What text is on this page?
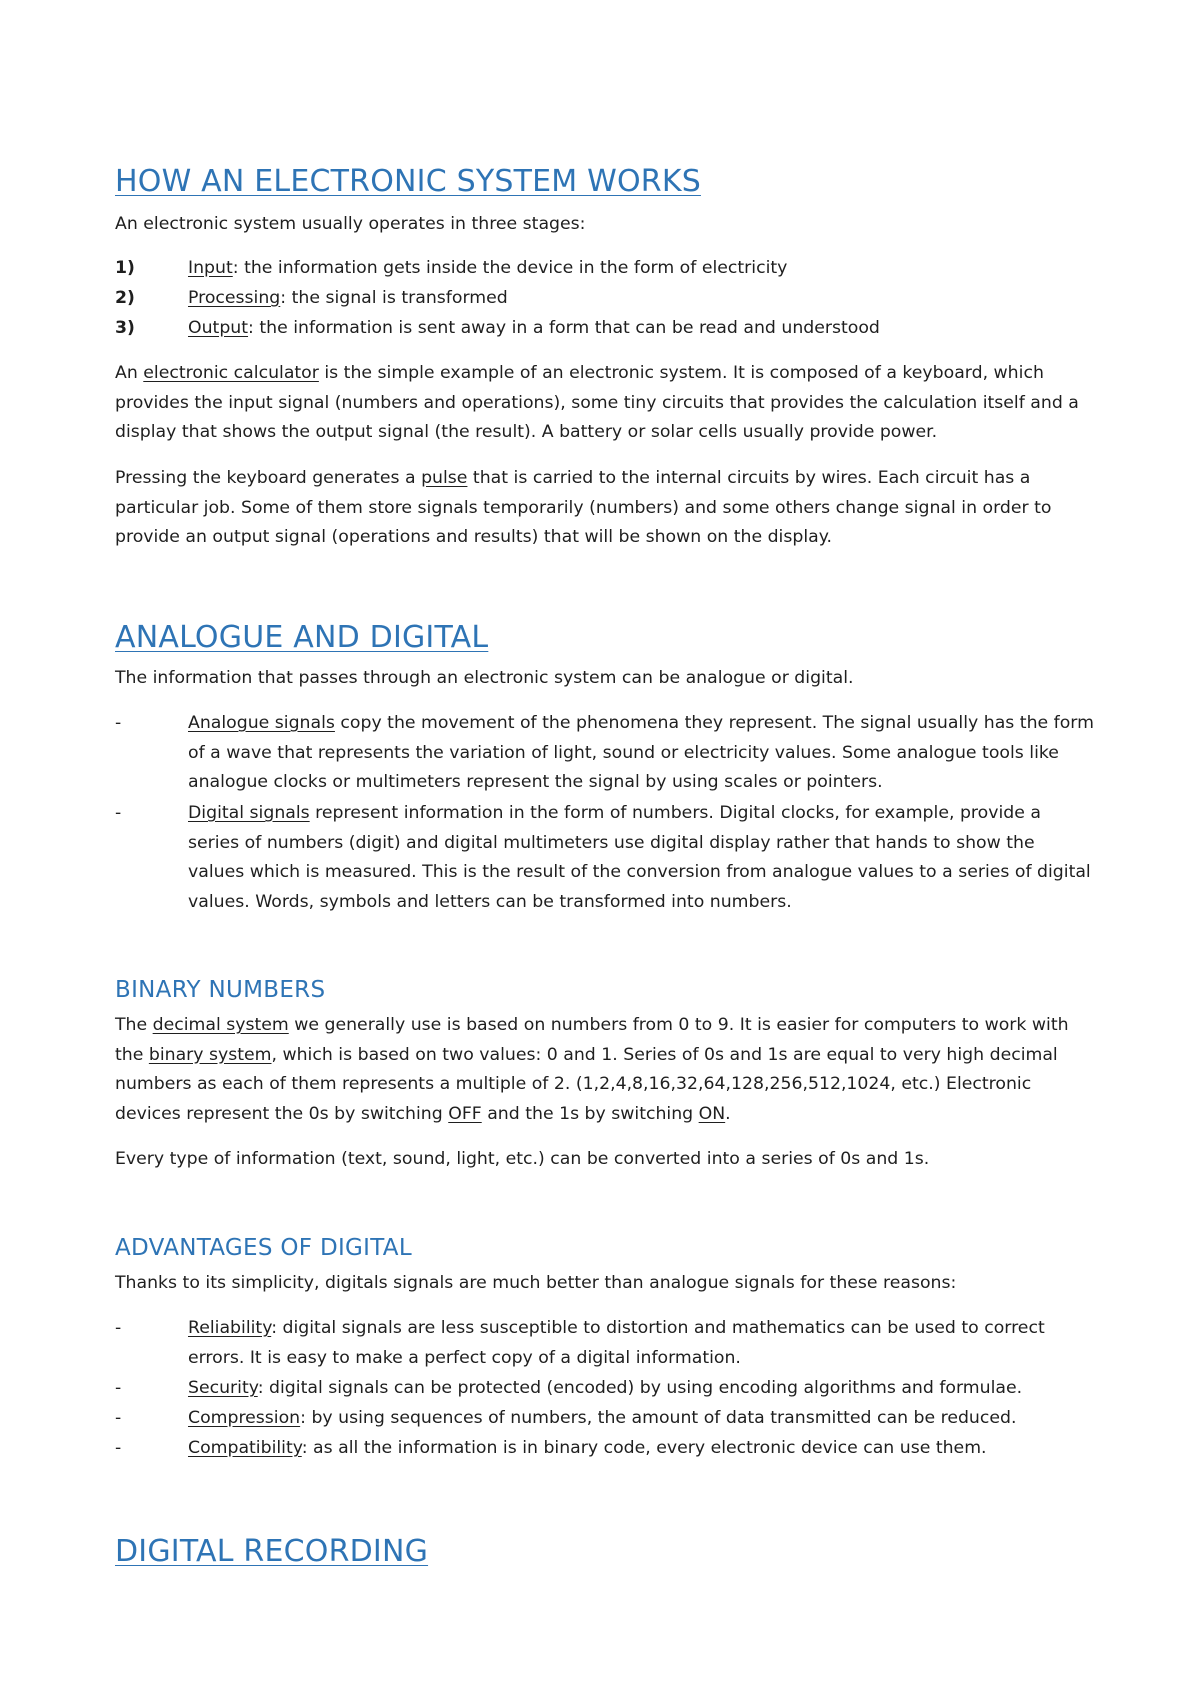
HOW AN ELECTRONIC SYSTEM WORKS

An electronic system usually operates in three stages:

1)	Input: the information gets inside the device in the form of electricity
2)	Processing: the signal is transformed
3)	Output: the information is sent away in a form that can be read and understood

An electronic calculator is the simple example of an electronic system. It is composed of a keyboard, which provides the input signal (numbers and operations), some tiny circuits that provides the calculation itself and a display that shows the output signal (the result). A battery or solar cells usually provide power.

Pressing the keyboard generates a pulse that is carried to the internal circuits by wires. Each circuit has a particular job. Some of them store signals temporarily (numbers) and some others change signal in order to provide an output signal (operations and results) that will be shown on the display.

ANALOGUE AND DIGITAL

The information that passes through an electronic system can be analogue or digital.

-	Analogue signals copy the movement of the phenomena they represent. The signal usually has the form of a wave that represents the variation of light, sound or electricity values. Some analogue tools like analogue clocks or multimeters represent the signal by using scales or pointers.
-	Digital signals represent information in the form of numbers. Digital clocks, for example, provide a series of numbers (digit) and digital multimeters use digital display rather that hands to show the values which is measured. This is the result of the conversion from analogue values to a series of digital values. Words, symbols and letters can be transformed into numbers.
BINARY NUMBERS

The decimal system we generally use is based on numbers from 0 to 9. It is easier for computers to work with the binary system, which is based on two values: 0 and 1. Series of 0s and 1s are equal to very high decimal numbers as each of them represents a multiple of 2. (1,2,4,8,16,32,64,128,256,512,1024, etc.) Electronic devices represent the 0s by switching OFF and the 1s by switching ON.

Every type of information (text, sound, light, etc.) can be converted into a series of 0s and 1s.

ADVANTAGES OF DIGITAL

Thanks to its simplicity, digitals signals are much better than analogue signals for these reasons:

-	Reliability: digital signals are less susceptible to distortion and mathematics can be used to correct errors. It is easy to make a perfect copy of a digital information.
-	Security: digital signals can be protected (encoded) by using encoding algorithms and formulae.
-	Compression: by using sequences of numbers, the amount of data transmitted can be reduced.
-	Compatibility: as all the information is in binary code, every electronic device can use them.
DIGITAL RECORDING
